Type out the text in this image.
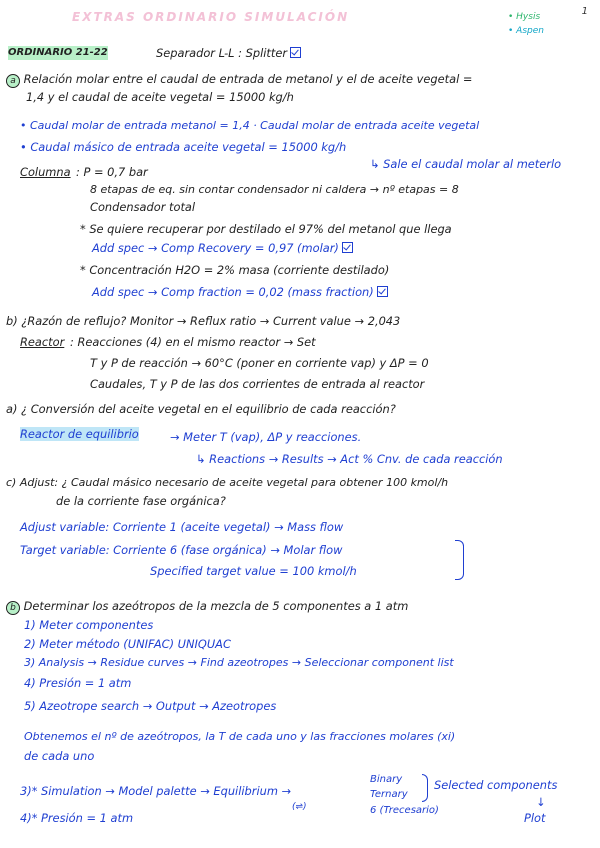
EXTRAS ORDINARIO SIMULACIÓN	1
• Hysis
• Aspen
ORDINARIO 21-22	Separador L-L : Splitter
a Relación molar entre el caudal de entrada de metanol y el de aceite vegetal =
1,4 y el caudal de aceite vegetal = 15000 kg/h
• Caudal molar de entrada metanol = 1,4 · Caudal molar de entrada aceite vegetal
• Caudal másico de entrada aceite vegetal = 15000 kg/h
↳ Sale el caudal molar al meterlo
Columna : P = 0,7 bar
8 etapas de eq. sin contar condensador ni caldera → nº etapas = 8
Condensador total
* Se quiere recuperar por destilado el 97% del metanol que llega
Add spec → Comp Recovery = 0,97 (molar)
* Concentración H2O = 2% masa (corriente destilado)
Add spec → Comp fraction = 0,02 (mass fraction)
b) ¿Razón de reflujo? Monitor → Reflux ratio → Current value → 2,043
Reactor : Reacciones (4) en el mismo reactor → Set
T y P de reacción → 60°C (poner en corriente vap) y ΔP = 0
Caudales, T y P de las dos corrientes de entrada al reactor
a) ¿ Conversión del aceite vegetal en el equilibrio de cada reacción?
Reactor de equilibrio	→ Meter T (vap), ΔP y reacciones.
↳ Reactions → Results → Act % Cnv. de cada reacción
c) Adjust: ¿ Caudal másico necesario de aceite vegetal para obtener 100 kmol/h
de la corriente fase orgánica?
Adjust variable: Corriente 1 (aceite vegetal) → Mass flow
Target variable: Corriente 6 (fase orgánica) → Molar flow
Specified target value = 100 kmol/h
b Determinar los azeótropos de la mezcla de 5 componentes a 1 atm
1) Meter componentes
2) Meter método (UNIFAC) UNIQUAC
3) Analysis → Residue curves → Find azeotropes → Seleccionar component list
4) Presión = 1 atm
5) Azeotrope search → Output → Azeotropes
Obtenemos el nº de azeótropos, la T de cada uno y las fracciones molares (xi)
de cada uno
3)* Simulation → Model palette → Equilibrium →
(⇌)
Binary
Ternary
6 (Trecesario)
Selected components
↓
Plot
4)* Presión = 1 atm
